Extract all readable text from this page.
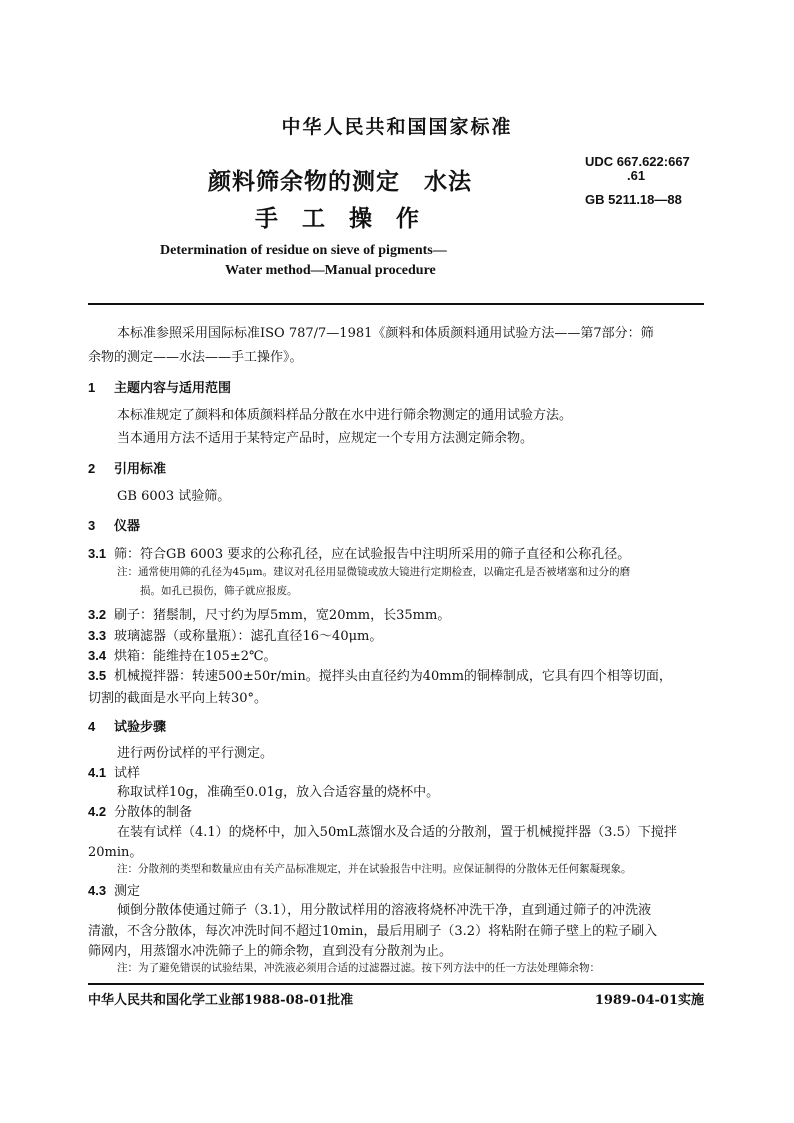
中华人民共和国国家标准
颜料筛余物的测定　水法
手工操作
UDC 667.622:667
.61
GB 5211.18—88
Determination of residue on sieve of pigments—
Water method—Manual procedure
本标准参照采用国际标准ISO 787/7—1981《颜料和体质颜料通用试验方法——第7部分：筛
余物的测定——水法——手工操作》。
1 主题内容与适用范围
本标准规定了颜料和体质颜料样品分散在水中进行筛余物测定的通用试验方法。
当本通用方法不适用于某特定产品时，应规定一个专用方法测定筛余物。
2 引用标准
GB 6003 试验筛。
3 仪器
3.1 筛：符合GB 6003 要求的公称孔径，应在试验报告中注明所采用的筛子直径和公称孔径。
注：通常使用筛的孔径为45μm。建议对孔径用显微镜或放大镜进行定期检查，以确定孔是否被堵塞和过分的磨
损。如孔已损伤，筛子就应报废。
3.2 刷子：猪鬃制，尺寸约为厚5mm，宽20mm，长35mm。
3.3 玻璃滤器（或称量瓶）：滤孔直径16～40μm。
3.4 烘箱：能维持在105±2℃。
3.5 机械搅拌器：转速500±50r/min。搅拌头由直径约为40mm的铜棒制成，它具有四个相等切面，
切割的截面是水平向上转30°。
4 试验步骤
进行两份试样的平行测定。
4.1 试样
称取试样10g，准确至0.01g，放入合适容量的烧杯中。
4.2 分散体的制备
在装有试样（4.1）的烧杯中，加入50mL蒸馏水及合适的分散剂，置于机械搅拌器（3.5）下搅拌
20min。
注：分散剂的类型和数量应由有关产品标准规定，并在试验报告中注明。应保证制得的分散体无任何絮凝现象。
4.3 测定
倾倒分散体使通过筛子（3.1），用分散试样用的溶液将烧杯冲洗干净，直到通过筛子的冲洗液
清澈，不含分散体，每次冲洗时间不超过10min，最后用刷子（3.2）将粘附在筛子壁上的粒子刷入
筛网内，用蒸馏水冲洗筛子上的筛余物，直到没有分散剂为止。
注：为了避免错误的试验结果，冲洗液必须用合适的过滤器过滤。按下列方法中的任一方法处理筛余物：
中华人民共和国化学工业部1988-08-01批准	1989-04-01实施
